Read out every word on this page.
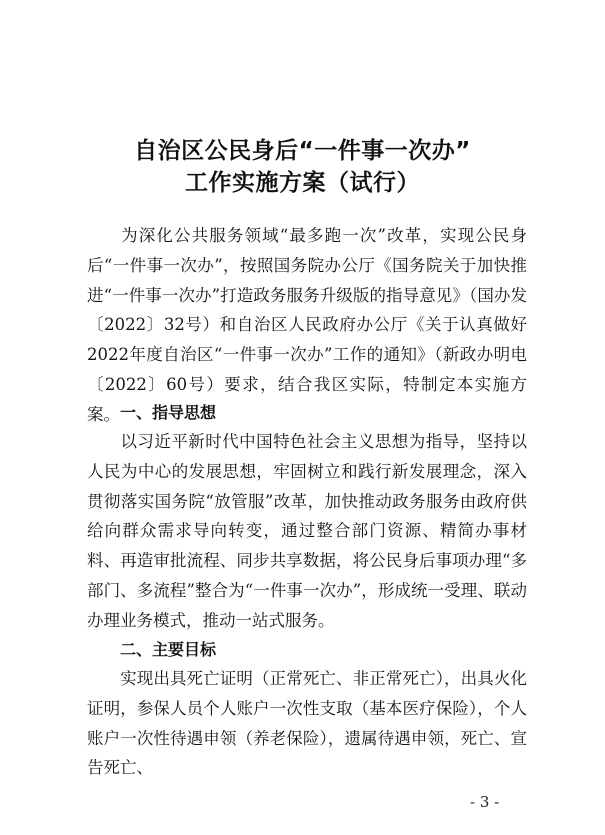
自治区公民身后“一件事一次办”
工作实施方案（试行）
为深化公共服务领域“最多跑一次”改革，实现公民身后“一件事一次办”，按照国务院办公厅《国务院关于加快推进“一件事一次办”打造政务服务升级版的指导意见》（国办发〔2022〕32号）和自治区人民政府办公厅《关于认真做好2022年度自治区“一件事一次办”工作的通知》（新政办明电〔2022〕60号）要求，结合我区实际，特制定本实施方案。 一、指导思想
以习近平新时代中国特色社会主义思想为指导，坚持以人民为中心的发展思想，牢固树立和践行新发展理念，深入贯彻落实国务院“放管服”改革，加快推动政务服务由政府供给向群众需求导向转变，通过整合部门资源、精简办事材料、再造审批流程、同步共享数据，将公民身后事项办理“多部门、多流程”整合为“一件事一次办”，形成统一受理、联动办理业务模式，推动一站式服务。
二、主要目标
实现出具死亡证明（正常死亡、非正常死亡），出具火化证明，参保人员个人账户一次性支取（基本医疗保险），个人账户一次性待遇申领（养老保险），遗属待遇申领，死亡、宣告死亡、
- 3 -
